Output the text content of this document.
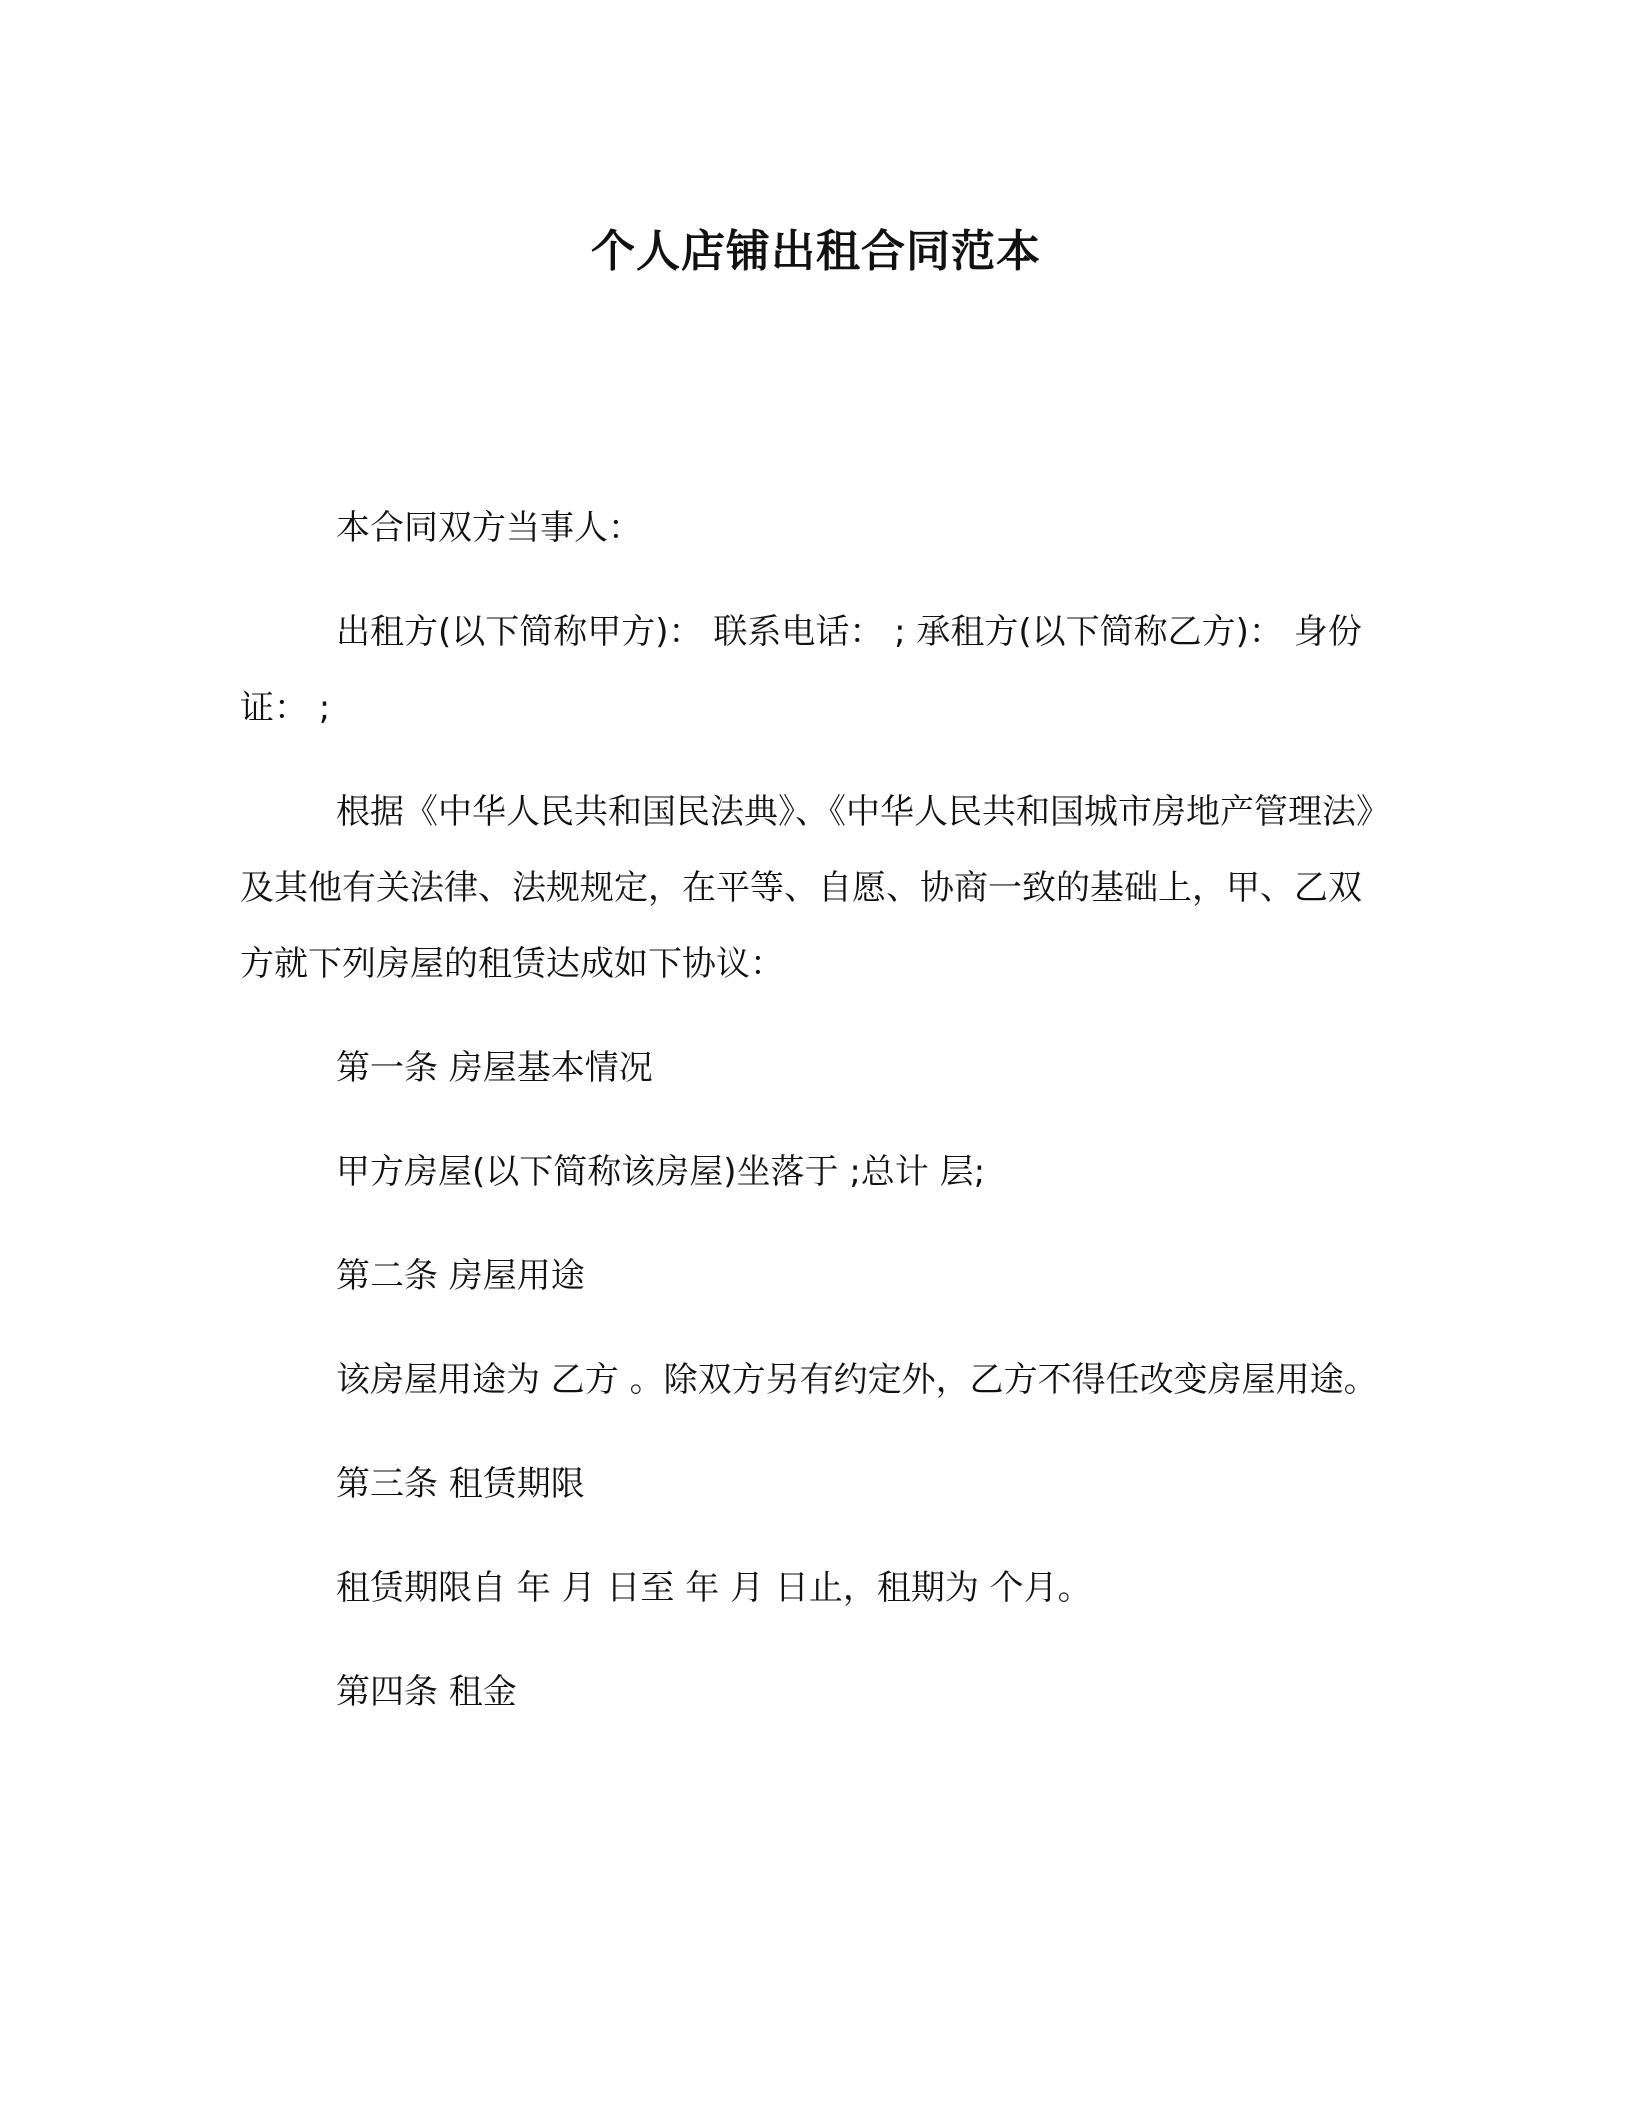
个人店铺出租合同范本

本合同双方当事人：

出租方(以下简称甲方)： 联系电话： ; 承租方(以下简称乙方)： 身份证： ;

根据《中华人民共和国民法典》、《中华人民共和国城市房地产管理法》及其他有关法律、法规规定，在平等、自愿、协商一致的基础上，甲、乙双方就下列房屋的租赁达成如下协议：

第一条 房屋基本情况

甲方房屋(以下简称该房屋)坐落于 ;总计 层;

第二条 房屋用途

该房屋用途为 乙方 。除双方另有约定外，乙方不得任改变房屋用途。

第三条 租赁期限

租赁期限自 年 月 日至 年 月 日止，租期为 个月。

第四条 租金
